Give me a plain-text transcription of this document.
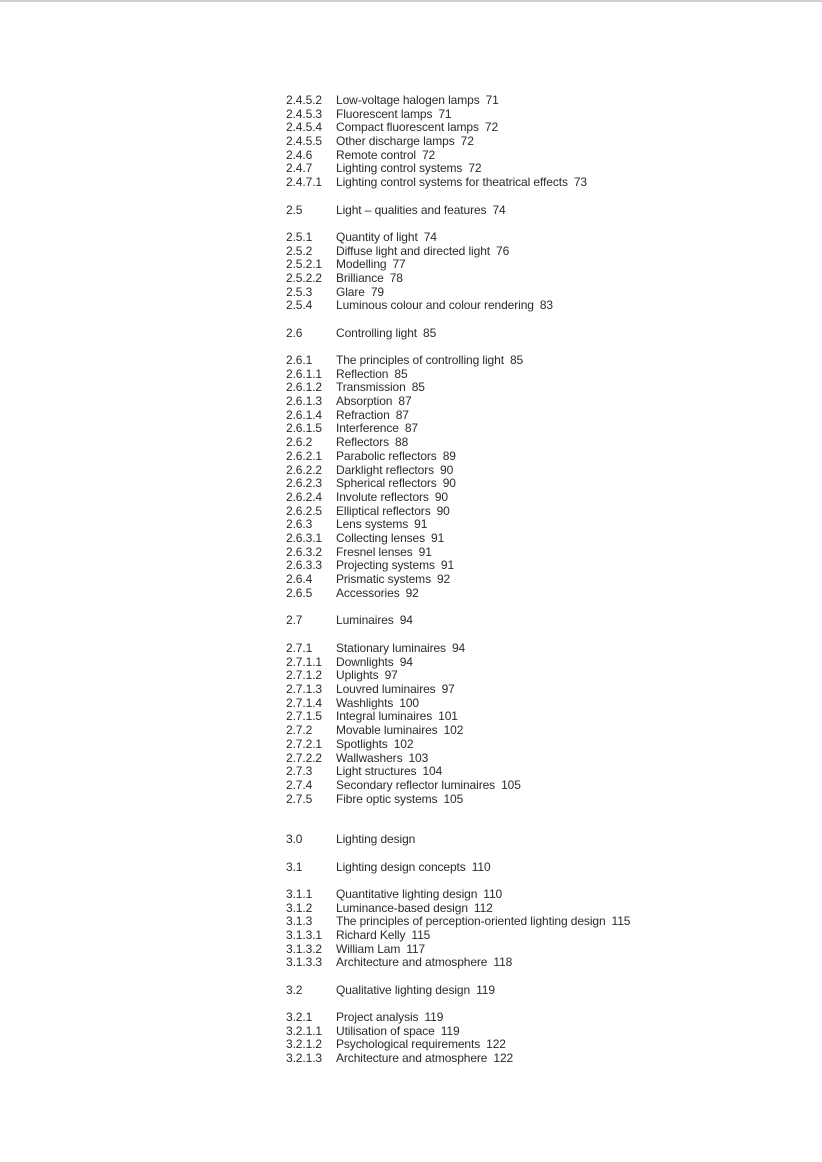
2.4.5.2	Low-voltage halogen lamps 71
2.4.5.3	Fluorescent lamps 71
2.4.5.4	Compact fluorescent lamps 72
2.4.5.5	Other discharge lamps 72
2.4.6	Remote control 72
2.4.7	Lighting control systems 72
2.4.7.1	Lighting control systems for theatrical effects 73
2.5	Light – qualities and features 74
2.5.1	Quantity of light 74
2.5.2	Diffuse light and directed light 76
2.5.2.1	Modelling 77
2.5.2.2	Brilliance 78
2.5.3	Glare 79
2.5.4	Luminous colour and colour rendering 83
2.6	Controlling light 85
2.6.1	The principles of controlling light 85
2.6.1.1	Reflection 85
2.6.1.2	Transmission 85
2.6.1.3	Absorption 87
2.6.1.4	Refraction 87
2.6.1.5	Interference 87
2.6.2	Reflectors 88
2.6.2.1	Parabolic reflectors 89
2.6.2.2	Darklight reflectors 90
2.6.2.3	Spherical reflectors 90
2.6.2.4	Involute reflectors 90
2.6.2.5	Elliptical reflectors 90
2.6.3	Lens systems 91
2.6.3.1	Collecting lenses 91
2.6.3.2	Fresnel lenses 91
2.6.3.3	Projecting systems 91
2.6.4	Prismatic systems 92
2.6.5	Accessories 92
2.7	Luminaires 94
2.7.1	Stationary luminaires 94
2.7.1.1	Downlights 94
2.7.1.2	Uplights 97
2.7.1.3	Louvred luminaires 97
2.7.1.4	Washlights 100
2.7.1.5	Integral luminaires 101
2.7.2	Movable luminaires 102
2.7.2.1	Spotlights 102
2.7.2.2	Wallwashers 103
2.7.3	Light structures 104
2.7.4	Secondary reflector luminaires 105
2.7.5	Fibre optic systems 105
3.0	Lighting design
3.1	Lighting design concepts 110
3.1.1	Quantitative lighting design 110
3.1.2	Luminance-based design 112
3.1.3	The principles of perception-oriented lighting design 115
3.1.3.1	Richard Kelly 115
3.1.3.2	William Lam 117
3.1.3.3	Architecture and atmosphere 118
3.2	Qualitative lighting design 119
3.2.1	Project analysis 119
3.2.1.1	Utilisation of space 119
3.2.1.2	Psychological requirements 122
3.2.1.3	Architecture and atmosphere 122
